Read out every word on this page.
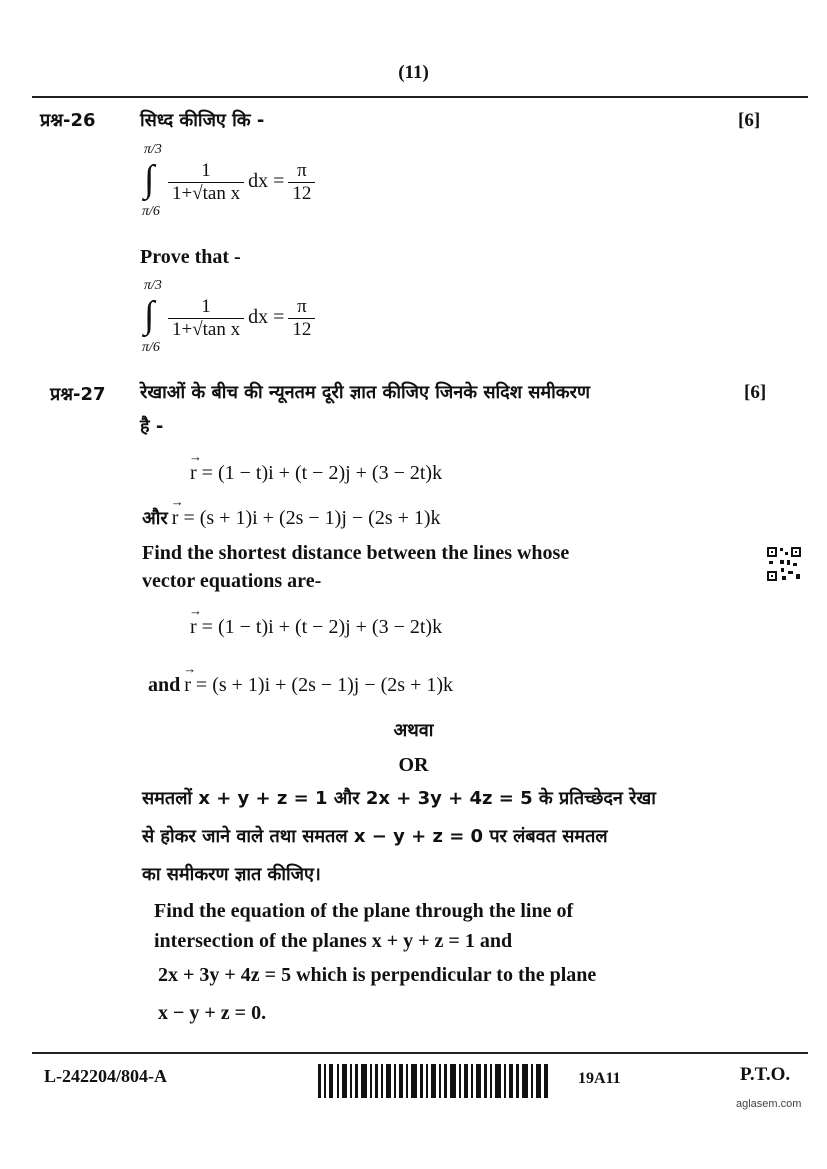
(11)
प्रश्न-26 सिध्द कीजिए कि -	[6]
π/3
∫
π/6
$\frac{1}{\text{1+√tan x}}$ dx = $\frac{\pi}{12}$
Prove that -
π/3
∫
π/6
$\frac{1}{\text{1+√tan x}}$ dx = $\frac{\pi}{12}$
प्रश्न-27 रेखाओं के बीच की न्यूनतम दूरी ज्ञात कीजिए जिनके सदिश समीकरण	[6]
है -
→ r = (1 − t)i + (t − 2)j + (3 − 2t)k
और → r = (s + 1)i + (2s − 1)j − (2s + 1)k
Find the shortest distance between the lines whose
vector equations are-
→ r = (1 − t)i + (t − 2)j + (3 − 2t)k
and → r = (s + 1)i + (2s − 1)j − (2s + 1)k
अथवा
OR
समतलों x + y + z = 1 और 2x + 3y + 4z = 5 के प्रतिच्छेदन रेखा
से होकर जाने वाले तथा समतल x − y + z = 0 पर लंबवत समतल
का समीकरण ज्ञात कीजिए।
Find the equation of the plane through the line of
intersection of the planes x + y + z = 1 and
2x + 3y + 4z = 5 which is perpendicular to the plane
x − y + z = 0.
L-242204/804-A	19A11	P.T.O.
aglasem.com
